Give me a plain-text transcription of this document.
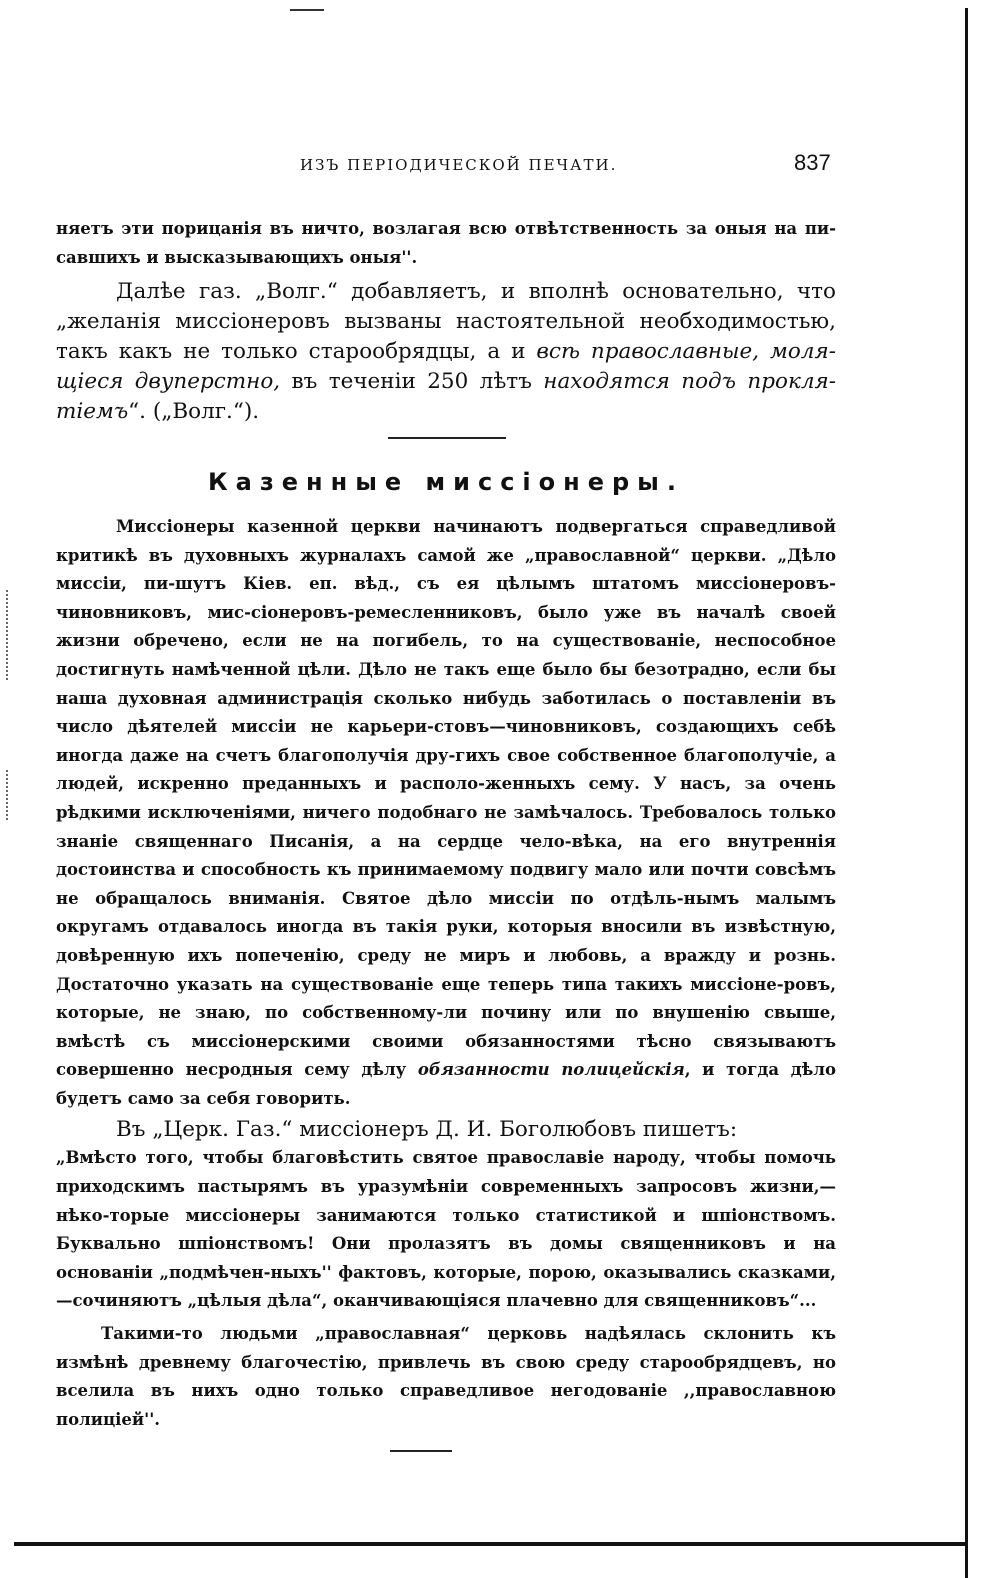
ИЗЪ ПЕРІОДИЧЕСКОЙ ПЕЧАТИ.	837

няетъ эти порицанія въ ничто, возлагая всю отвѣтственность за оныя на пи-савшихъ и высказывающихъ оныя''.

Далѣе газ. „Волг.“ добавляетъ, и вполнѣ основательно, что „желанія миссіонеровъ вызваны настоятельной необходимостью, такъ какъ не только старообрядцы, а и всѣ православные, моля-щіеся двуперстно, въ теченіи 250 лѣтъ находятся подъ прокля-тіемъ“. („Волг.“).

Казенные миссіонеры.

Миссіонеры казенной церкви начинаютъ подвергаться справедливой критикѣ въ духовныхъ журналахъ самой же „православной“ церкви. „Дѣло миссіи, пи-шутъ Кіев. еп. вѣд., съ ея цѣлымъ штатомъ миссіонеровъ-чиновниковъ, мис-сіонеровъ-ремесленниковъ, было уже въ началѣ своей жизни обречено, если не на погибель, то на существованіе, неспособное достигнуть намѣченной цѣли. Дѣло не такъ еще было бы безотрадно, если бы наша духовная администрація сколько нибудь заботилась о поставленіи въ число дѣятелей миссіи не карьери-стовъ—чиновниковъ, создающихъ себѣ иногда даже на счетъ благополучія дру-гихъ свое собственное благополучіе, а людей, искренно преданныхъ и располо-женныхъ сему. У насъ, за очень рѣдкими исключеніями, ничего подобнаго не замѣчалось. Требовалось только знаніе священнаго Писанія, а на сердце чело-вѣка, на его внутреннія достоинства и способность къ принимаемому подвигу мало или почти совсѣмъ не обращалось вниманія. Святое дѣло миссіи по отдѣль-нымъ малымъ округамъ отдавалось иногда въ такія руки, которыя вносили въ извѣстную, довѣренную ихъ попеченію, среду не миръ и любовь, а вражду и рознь. Достаточно указать на существованіе еще теперь типа такихъ миссіоне-ровъ, которые, не знаю, по собственному-ли почину или по внушенію свыше, вмѣстѣ съ миссіонерскими своими обязанностями тѣсно связываютъ совершенно несродныя сему дѣлу обязанности полицейскія, и тогда дѣло будетъ само за себя говорить.

Въ „Церк. Газ.“ миссіонеръ Д. И. Боголюбовъ пишетъ:

„Вмѣсто того, чтобы благовѣстить святое православіе народу, чтобы помочь приходскимъ пастырямъ въ уразумѣніи современныхъ запросовъ жизни,—нѣко-торые миссіонеры занимаются только статистикой и шпіонствомъ. Буквально шпіонствомъ! Они пролазятъ въ домы священниковъ и на основаніи „подмѣчен-ныхъ'' фактовъ, которые, порою, оказывались сказками,—сочиняютъ „цѣлыя дѣла“, оканчивающіяся плачевно для священниковъ“...

Такими-то людьми „православная“ церковь надѣялась склонить къ измѣнѣ древнему благочестію, привлечь въ свою среду старообрядцевъ, но вселила въ нихъ одно только справедливое негодованіе ,,православною полиціей''.
